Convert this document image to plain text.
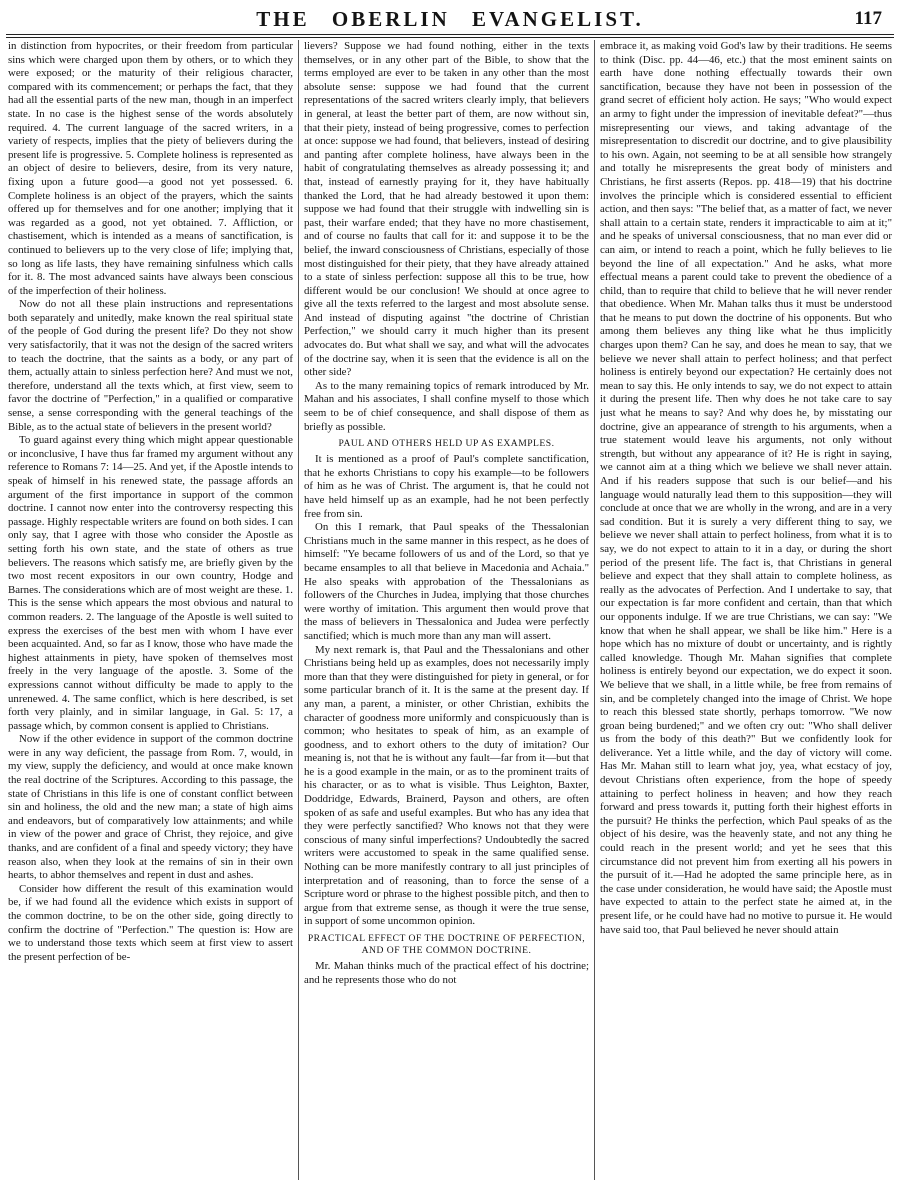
THE OBERLIN EVANGELIST.	117

in distinction from hypocrites, or their freedom from particular sins which were charged upon them by others, or to which they were exposed; or the maturity of their religious character, compared with its commencement; or perhaps the fact, that they had all the essential parts of the new man, though in an imperfect state. In no case is the highest sense of the words absolutely required. 4. The current language of the sacred writers, in a variety of respects, implies that the piety of believers during the present life is progressive. 5. Complete holiness is represented as an object of desire to believers, desire, from its very nature, fixing upon a future good—a good not yet possessed. 6. Complete holiness is an object of the prayers, which the saints offered up for themselves and for one another; implying that it was regarded as a good, not yet obtained. 7. Affliction, or chastisement, which is intended as a means of sanctification, is continued to believers up to the very close of life; implying that, so long as life lasts, they have remaining sinfulness which calls for it. 8. The most advanced saints have always been conscious of the imperfection of their holiness.

Now do not all these plain instructions and representations both separately and unitedly, make known the real spiritual state of the people of God during the present life? Do they not show very satisfactorily, that it was not the design of the sacred writers to teach the doctrine, that the saints as a body, or any part of them, actually attain to sinless perfection here? And must we not, therefore, understand all the texts which, at first view, seem to favor the doctrine of "Perfection," in a qualified or comparative sense, a sense corresponding with the general teachings of the Bible, as to the actual state of believers in the present world?

To guard against every thing which might appear questionable or inconclusive, I have thus far framed my argument without any reference to Romans 7: 14—25. And yet, if the Apostle intends to speak of himself in his renewed state, the passage affords an argument of the first importance in support of the common doctrine. I cannot now enter into the controversy respecting this passage. Highly respectable writers are found on both sides. I can only say, that I agree with those who consider the Apostle as setting forth his own state, and the state of others as true believers. The reasons which satisfy me, are briefly given by the two most recent expositors in our own country, Hodge and Barnes. The considerations which are of most weight are these. 1. This is the sense which appears the most obvious and natural to common readers. 2. The language of the Apostle is well suited to express the exercises of the best men with whom I have ever been acquainted. And, so far as I know, those who have made the highest attainments in piety, have spoken of themselves most freely in the very language of the apostle. 3. Some of the expressions cannot without difficulty be made to apply to the unrenewed. 4. The same conflict, which is here described, is set forth very plainly, and in similar language, in Gal. 5: 17, a passage which, by common consent is applied to Christians.

Now if the other evidence in support of the common doctrine were in any way deficient, the passage from Rom. 7, would, in my view, supply the deficiency, and would at once make known the real doctrine of the Scriptures. According to this passage, the state of Christians in this life is one of constant conflict between sin and holiness, the old and the new man; a state of high aims and endeavors, but of comparatively low attainments; and while in view of the power and grace of Christ, they rejoice, and give thanks, and are confident of a final and speedy victory; they have reason also, when they look at the remains of sin in their own hearts, to abhor themselves and repent in dust and ashes.

Consider how different the result of this examination would be, if we had found all the evidence which exists in support of the common doctrine, to be on the other side, going directly to confirm the doctrine of "Perfection." The question is: How are we to understand those texts which seem at first view to assert the present perfection of be-

lievers? Suppose we had found nothing, either in the texts themselves, or in any other part of the Bible, to show that the terms employed are ever to be taken in any other than the most absolute sense: suppose we had found that the current representations of the sacred writers clearly imply, that believers in general, at least the better part of them, are now without sin, that their piety, instead of being progressive, comes to perfection at once: suppose we had found, that believers, instead of desiring and panting after complete holiness, have always been in the habit of congratulating themselves as already possessing it; and that, instead of earnestly praying for it, they have habitually thanked the Lord, that he had already bestowed it upon them: suppose we had found that their struggle with indwelling sin is past, their warfare ended; that they have no more chastisement, and of course no faults that call for it: and suppose it to be the belief, the inward consciousness of Christians, especially of those most distinguished for their piety, that they have already attained to a state of sinless perfection: suppose all this to be true, how different would be our conclusion! We should at once agree to give all the texts referred to the largest and most absolute sense. And instead of disputing against "the doctrine of Christian Perfection," we should carry it much higher than its present advocates do. But what shall we say, and what will the advocates of the doctrine say, when it is seen that the evidence is all on the other side?

As to the many remaining topics of remark introduced by Mr. Mahan and his associates, I shall confine myself to those which seem to be of chief consequence, and shall dispose of them as briefly as possible.

PAUL AND OTHERS HELD UP AS EXAMPLES.

It is mentioned as a proof of Paul's complete sanctification, that he exhorts Christians to copy his example—to be followers of him as he was of Christ. The argument is, that he could not have held himself up as an example, had he not been perfectly free from sin.

On this I remark, that Paul speaks of the Thessalonian Christians much in the same manner in this respect, as he does of himself: "Ye became followers of us and of the Lord, so that ye became ensamples to all that believe in Macedonia and Achaia." He also speaks with approbation of the Thessalonians as followers of the Churches in Judea, implying that those churches were worthy of imitation. This argument then would prove that the mass of believers in Thessalonica and Judea were perfectly sanctified; which is much more than any man will assert.

My next remark is, that Paul and the Thessalonians and other Christians being held up as examples, does not necessarily imply more than that they were distinguished for piety in general, or for some particular branch of it. It is the same at the present day. If any man, a parent, a minister, or other Christian, exhibits the character of goodness more uniformly and conspicuously than is common; who hesitates to speak of him, as an example of goodness, and to exhort others to the duty of imitation? Our meaning is, not that he is without any fault—far from it—but that he is a good example in the main, or as to the prominent traits of his character, or as to what is visible. Thus Leighton, Baxter, Doddridge, Edwards, Brainerd, Payson and others, are often spoken of as safe and useful examples. But who has any idea that they were perfectly sanctified? Who knows not that they were conscious of many sinful imperfections? Undoubtedly the sacred writers were accustomed to speak in the same qualified sense. Nothing can be more manifestly contrary to all just principles of interpretation and of reasoning, than to force the sense of a Scripture word or phrase to the highest possible pitch, and then to argue from that extreme sense, as though it were the true sense, in support of some uncommon opinion.

PRACTICAL EFFECT OF THE DOCTRINE OF PERFECTION, AND OF THE COMMON DOCTRINE.

Mr. Mahan thinks much of the practical effect of his doctrine; and he represents those who do not

embrace it, as making void God's law by their traditions. He seems to think (Disc. pp. 44—46, etc.) that the most eminent saints on earth have done nothing effectually towards their own sanctification, because they have not been in possession of the grand secret of efficient holy action. He says; "Who would expect an army to fight under the impression of inevitable defeat?"—thus misrepresenting our views, and taking advantage of the misrepresentation to discredit our doctrine, and to give plausibility to his own. Again, not seeming to be at all sensible how strangely and totally he misrepresents the great body of ministers and Christians, he first asserts (Repos. pp. 418—19) that his doctrine involves the principle which is considered essential to efficient action, and then says: "The belief that, as a matter of fact, we never shall attain to a certain state, renders it impracticable to aim at it;" and he speaks of universal consciousness, that no man ever did or can aim, or intend to reach a point, which he fully believes to lie beyond the line of all expectation." And he asks, what more effectual means a parent could take to prevent the obedience of a child, than to require that child to believe that he will never render that obedience. When Mr. Mahan talks thus it must be understood that he means to put down the doctrine of his opponents. But who among them believes any thing like what he thus implicitly charges upon them? Can he say, and does he mean to say, that we believe we never shall attain to perfect holiness; and that perfect holiness is entirely beyond our expectation? He certainly does not mean to say this. He only intends to say, we do not expect to attain it during the present life. Then why does he not take care to say just what he means to say? And why does he, by misstating our doctrine, give an appearance of strength to his arguments, when a true statement would leave his arguments, not only without strength, but without any appearance of it? He is right in saying, we cannot aim at a thing which we believe we shall never attain. And if his readers suppose that such is our belief—and his language would naturally lead them to this supposition—they will conclude at once that we are wholly in the wrong, and are in a very sad condition. But it is surely a very different thing to say, we believe we never shall attain to perfect holiness, from what it is to say, we do not expect to attain to it in a day, or during the short period of the present life. The fact is, that Christians in general believe and expect that they shall attain to complete holiness, as really as the advocates of Perfection. And I undertake to say, that our expectation is far more confident and certain, than that which our opponents indulge. If we are true Christians, we can say: "We know that when he shall appear, we shall be like him." Here is a hope which has no mixture of doubt or uncertainty, and is rightly called knowledge. Though Mr. Mahan signifies that complete holiness is entirely beyond our expectation, we do expect it soon. We believe that we shall, in a little while, be free from remains of sin, and be completely changed into the image of Christ. We hope to reach this blessed state shortly, perhaps tomorrow. "We now groan being burdened;" and we often cry out: "Who shall deliver us from the body of this death?" But we confidently look for deliverance. Yet a little while, and the day of victory will come. Has Mr. Mahan still to learn what joy, yea, what ecstacy of joy, devout Christians often experience, from the hope of speedy attaining to perfect holiness in heaven; and how they reach forward and press towards it, putting forth their highest efforts in the pursuit? He thinks the perfection, which Paul speaks of as the object of his desire, was the heavenly state, and not any thing he could reach in the present world; and yet he sees that this circumstance did not prevent him from exerting all his powers in the pursuit of it.—Had he adopted the same principle here, as in the case under consideration, he would have said; the Apostle must have expected to attain to the perfect state he aimed at, in the present life, or he could have had no motive to pursue it. He would have said too, that Paul believed he never should attain
